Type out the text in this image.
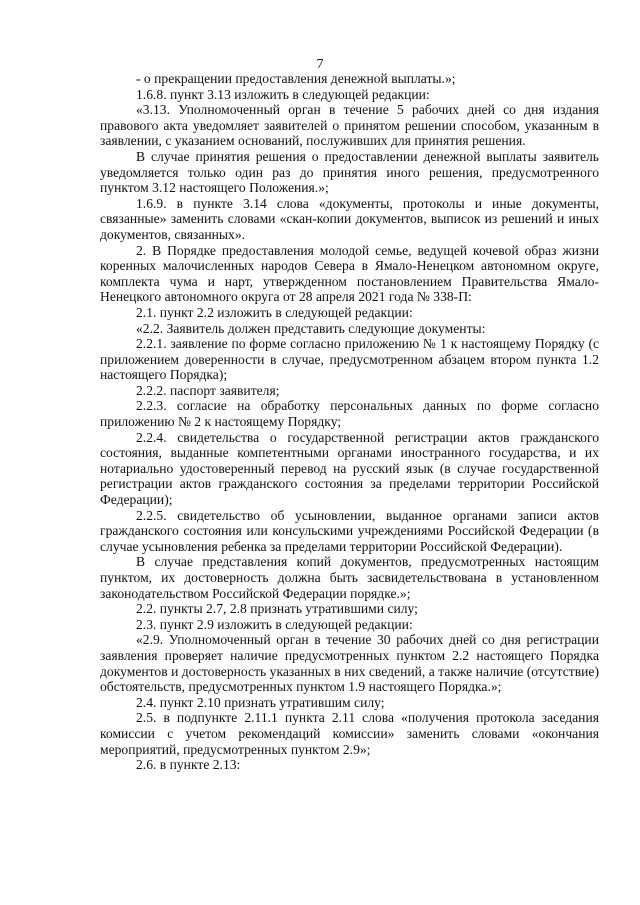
7

- о прекращении предоставления денежной выплаты.»;

1.6.8. пункт 3.13 изложить в следующей редакции:

«3.13. Уполномоченный орган в течение 5 рабочих дней со дня издания правового акта уведомляет заявителей о принятом решении способом, указанным в заявлении, с указанием оснований, послуживших для принятия решения.

В случае принятия решения о предоставлении денежной выплаты заявитель уведомляется только один раз до принятия иного решения, предусмотренного пунктом 3.12 настоящего Положения.»;

1.6.9. в пункте 3.14 слова «документы, протоколы и иные документы, связанные» заменить словами «скан-копии документов, выписок из решений и иных документов, связанных».

2. В Порядке предоставления молодой семье, ведущей кочевой образ жизни коренных малочисленных народов Севера в Ямало-Ненецком автономном округе, комплекта чума и нарт, утвержденном постановлением Правительства Ямало-Ненецкого автономного округа от 28 апреля 2021 года № 338-П:

2.1. пункт 2.2 изложить в следующей редакции:

«2.2. Заявитель должен представить следующие документы:

2.2.1. заявление по форме согласно приложению № 1 к настоящему Порядку (с приложением доверенности в случае, предусмотренном абзацем втором пункта 1.2 настоящего Порядка);

2.2.2. паспорт заявителя;

2.2.3. согласие на обработку персональных данных по форме согласно приложению № 2 к настоящему Порядку;

2.2.4. свидетельства о государственной регистрации актов гражданского состояния, выданные компетентными органами иностранного государства, и их нотариально удостоверенный перевод на русский язык (в случае государственной регистрации актов гражданского состояния за пределами территории Российской Федерации);

2.2.5. свидетельство об усыновлении, выданное органами записи актов гражданского состояния или консульскими учреждениями Российской Федерации (в случае усыновления ребенка за пределами территории Российской Федерации).

В случае представления копий документов, предусмотренных настоящим пунктом, их достоверность должна быть засвидетельствована в установленном законодательством Российской Федерации порядке.»;

2.2. пункты 2.7, 2.8 признать утратившими силу;

2.3. пункт 2.9 изложить в следующей редакции:

«2.9. Уполномоченный орган в течение 30 рабочих дней со дня регистрации заявления проверяет наличие предусмотренных пунктом 2.2 настоящего Порядка документов и достоверность указанных в них сведений, а также наличие (отсутствие) обстоятельств, предусмотренных пунктом 1.9 настоящего Порядка.»;

2.4. пункт 2.10 признать утратившим силу;

2.5. в подпункте 2.11.1 пункта 2.11 слова «получения протокола заседания комиссии с учетом рекомендаций комиссии» заменить словами «окончания мероприятий, предусмотренных пунктом 2.9»;

2.6. в пункте 2.13:
